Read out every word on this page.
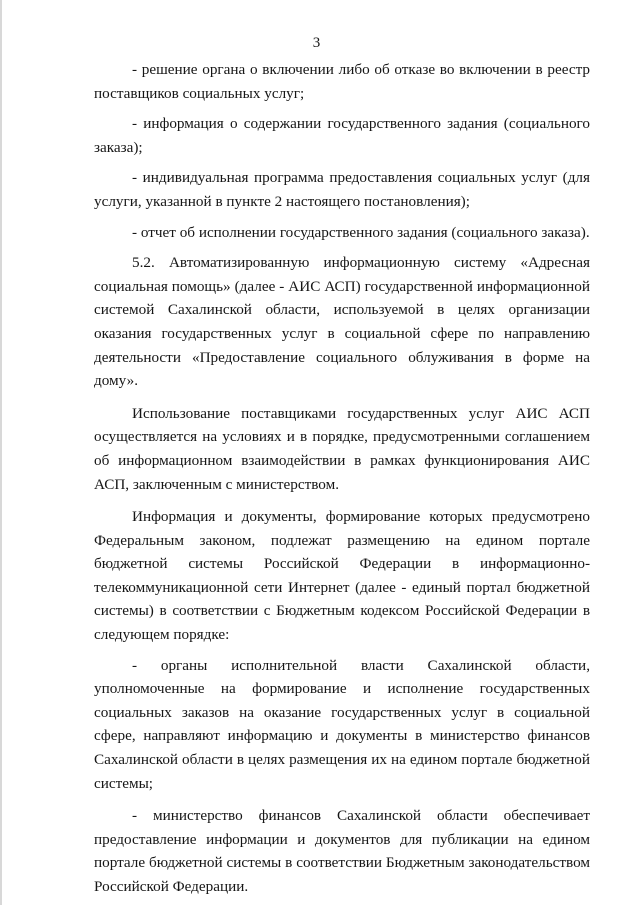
3

- решение органа о включении либо об отказе во включении в реестр поставщиков социальных услуг;

- информация о содержании государственного задания (социального заказа);

- индивидуальная программа предоставления социальных услуг (для услуги, указанной в пункте 2 настоящего постановления);

- отчет об исполнении государственного задания (социального заказа).

5.2. Автоматизированную информационную систему «Адресная социальная помощь» (далее - АИС АСП) государственной информационной системой Сахалинской области, используемой в целях организации оказания государственных услуг в социальной сфере по направлению деятельности «Предоставление социального облуживания в форме на дому».

Использование поставщиками государственных услуг АИС АСП осуществляется на условиях и в порядке, предусмотренными соглашением об информационном взаимодействии в рамках функционирования АИС АСП, заключенным с министерством.

Информация и документы, формирование которых предусмотрено Федеральным законом, подлежат размещению на едином портале бюджетной системы Российской Федерации в информационно-телекоммуникационной сети Интернет (далее - единый портал бюджетной системы) в соответствии с Бюджетным кодексом Российской Федерации в следующем порядке:

- органы исполнительной власти Сахалинской области, уполномоченные на формирование и исполнение государственных социальных заказов на оказание государственных услуг в социальной сфере, направляют информацию и документы в министерство финансов Сахалинской области в целях размещения их на едином портале бюджетной системы;

- министерство финансов Сахалинской области обеспечивает предоставление информации и документов для публикации на едином портале бюджетной системы в соответствии Бюджетным законодательством Российской Федерации.
